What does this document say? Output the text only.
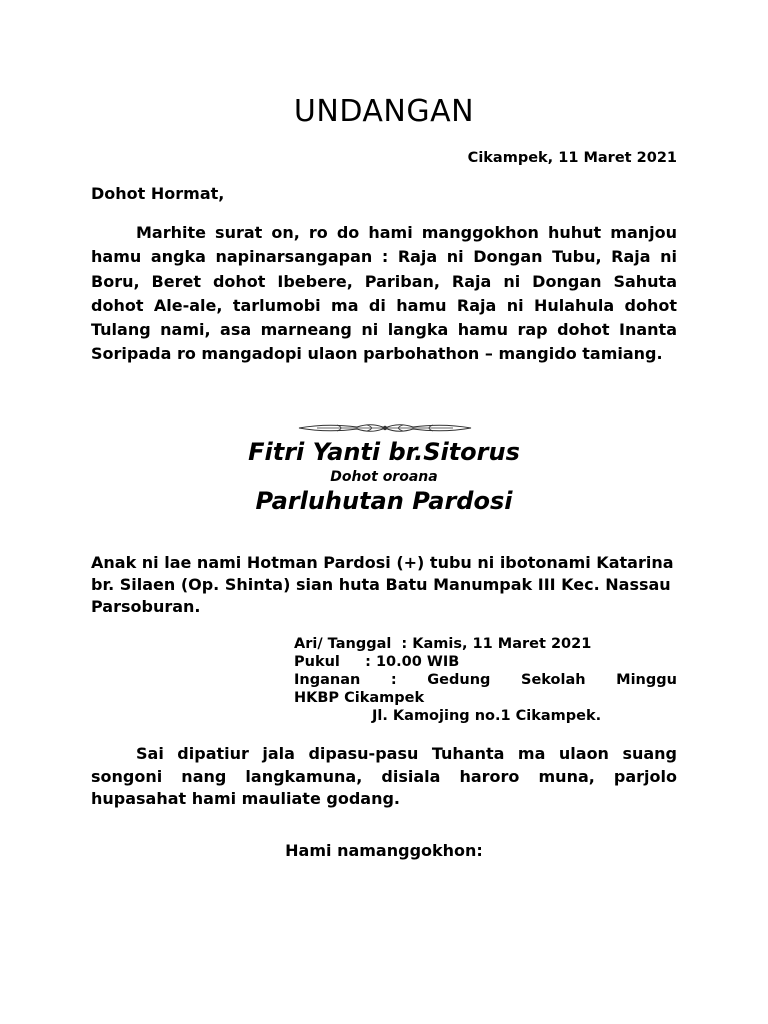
UNDANGAN
Cikampek, 11 Maret 2021
Dohot Hormat,

Marhite surat on, ro do hami manggokhon huhut manjou hamu angka napinarsangapan : Raja ni Dongan Tubu, Raja ni Boru, Beret dohot Ibebere, Pariban, Raja ni Dongan Sahuta dohot Ale-ale, tarlumobi ma di hamu Raja ni Hulahula dohot Tulang nami, asa marneang ni langka hamu rap dohot Inanta Soripada ro mangadopi ulaon parbohathon – mangido tamiang.

Fitri Yanti br.Sitorus
Dohot oroana
Parluhutan Pardosi

Anak ni lae nami Hotman Pardosi (+) tubu ni ibotonami Katarina br. Silaen (Op. Shinta) sian huta Batu Manumpak III Kec. Nassau Parsoburan.

Ari/ Tanggal  : Kamis, 11 Maret 2021
Pukul     : 10.00 WIB
Inganan : Gedung Sekolah Minggu
HKBP Cikampek
Jl. Kamojing no.1 Cikampek.

Sai dipatiur jala dipasu-pasu Tuhanta ma ulaon suang songoni nang langkamuna, disiala haroro muna, parjolo hupasahat hami mauliate godang.

Hami namanggokhon:
